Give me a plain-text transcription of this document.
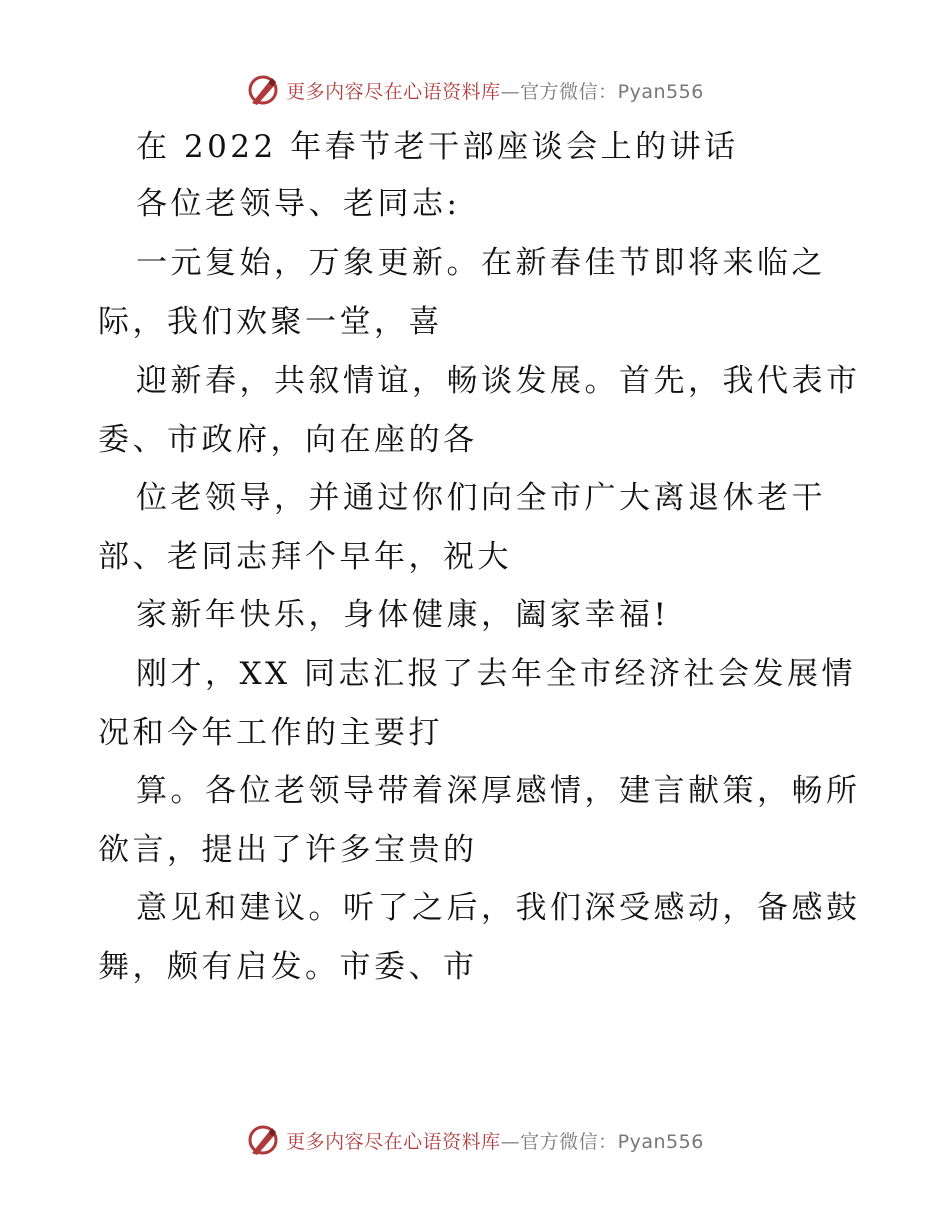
更多内容尽在心语资料库—官方微信：Pyan556
在 2022 年春节老干部座谈会上的讲话
各位老领导、老同志:
一元复始，万象更新。在新春佳节即将来临之
际，我们欢聚一堂，喜
迎新春，共叙情谊，畅谈发展。首先，我代表市
委、市政府，向在座的各
位老领导，并通过你们向全市广大离退休老干
部、老同志拜个早年，祝大
家新年快乐，身体健康，阖家幸福!
刚才，XX 同志汇报了去年全市经济社会发展情
况和今年工作的主要打
算。各位老领导带着深厚感情，建言献策，畅所
欲言，提出了许多宝贵的
意见和建议。听了之后，我们深受感动，备感鼓
舞，颇有启发。市委、市
更多内容尽在心语资料库—官方微信：Pyan556
